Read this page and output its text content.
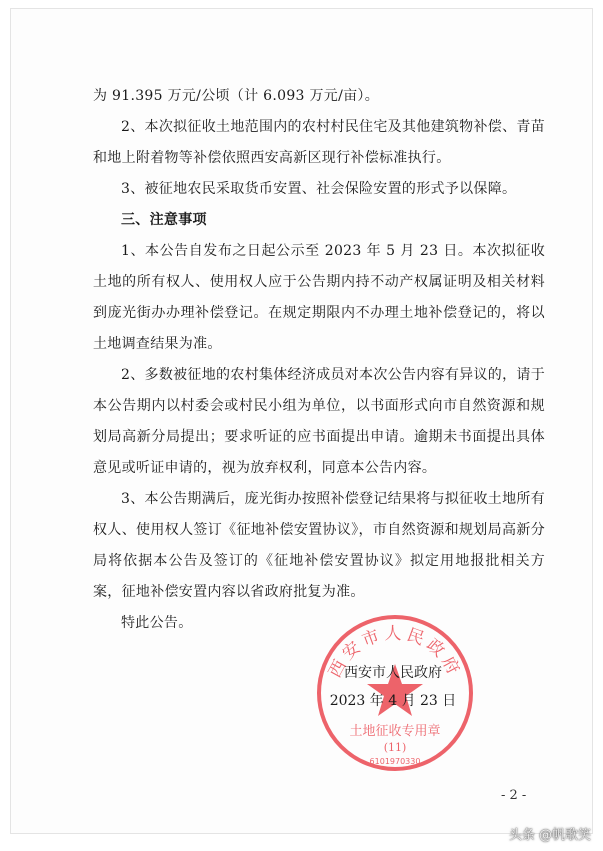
为 91.395 万元/公顷（计 6.093 万元/亩）。

2、本次拟征收土地范围内的农村村民住宅及其他建筑物补偿、青苗和地上附着物等补偿依照西安高新区现行补偿标准执行。

3、被征地农民采取货币安置、社会保险安置的形式予以保障。

三、注意事项

1、本公告自发布之日起公示至 2023 年 5 月 23 日。本次拟征收土地的所有权人、使用权人应于公告期内持不动产权属证明及相关材料到庞光街办办理补偿登记。在规定期限内不办理土地补偿登记的，将以土地调查结果为准。

2、多数被征地的农村集体经济成员对本次公告内容有异议的，请于本公告期内以村委会或村民小组为单位，以书面形式向市自然资源和规划局高新分局提出；要求听证的应书面提出申请。逾期未书面提出具体意见或听证申请的，视为放弃权利，同意本公告内容。

3、本公告期满后，庞光街办按照补偿登记结果将与拟征收土地所有权人、使用权人签订《征地补偿安置协议》，市自然资源和规划局高新分局将依据本公告及签订的《征地补偿安置协议》拟定用地报批相关方案，征地补偿安置内容以省政府批复为准。

特此公告。

西安市人民政府
土地征收专用章
(11)
6101970330
西安市人民政府
2023 年 4 月 23 日
- 2 -
头条 @帆歌笑
